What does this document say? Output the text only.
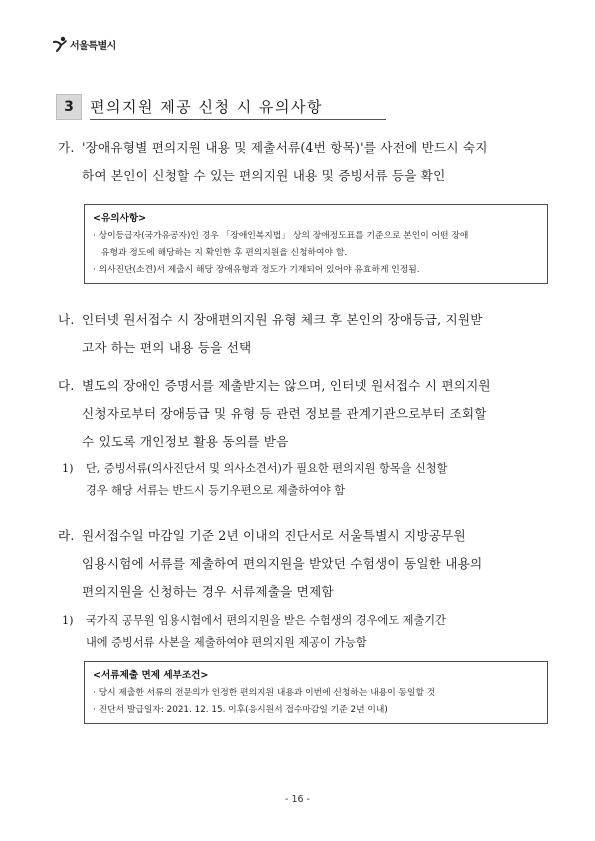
서울특별시
3	편의지원 제공 신청 시 유의사항
가. '장애유형별 편의지원 내용 및 제출서류(4번 항목)'를 사전에 반드시 숙지
하여 본인이 신청할 수 있는 편의지원 내용 및 증빙서류 등을 확인
<유의사항>
· 상이등급자(국가유공자)인 경우 「장애인복지법」 상의 장애정도표를 기준으로 본인이 어떤 장애
유형과 정도에 해당하는 지 확인한 후 편의지원을 신청하여야 함.
· 의사진단(소견)서 제출시 해당 장애유형과 정도가 기재되어 있어야 유효하게 인정됨.
나. 인터넷 원서접수 시 장애편의지원 유형 체크 후 본인의 장애등급, 지원받
고자 하는 편의 내용 등을 선택
다. 별도의 장애인 증명서를 제출받지는 않으며, 인터넷 원서접수 시 편의지원
신청자로부터 장애등급 및 유형 등 관련 정보를 관계기관으로부터 조회할
수 있도록 개인정보 활용 동의를 받음
1) 단, 증빙서류(의사진단서 및 의사소견서)가 필요한 편의지원 항목을 신청할
경우 해당 서류는 반드시 등기우편으로 제출하여야 함
라. 원서접수일 마감일 기준 2년 이내의 진단서로 서울특별시 지방공무원
임용시험에 서류를 제출하여 편의지원을 받았던 수험생이 동일한 내용의
편의지원을 신청하는 경우 서류제출을 면제함
1) 국가직 공무원 임용시험에서 편의지원을 받은 수험생의 경우에도 제출기간
내에 증빙서류 사본을 제출하여야 편의지원 제공이 가능함
<서류제출 면제 세부조건>
· 당시 제출한 서류의 전문의가 인정한 편의지원 내용과 이번에 신청하는 내용이 동일할 것
· 진단서 발급일자: 2021. 12. 15. 이후(응시원서 접수마감일 기준 2년 이내)
- 16 -
